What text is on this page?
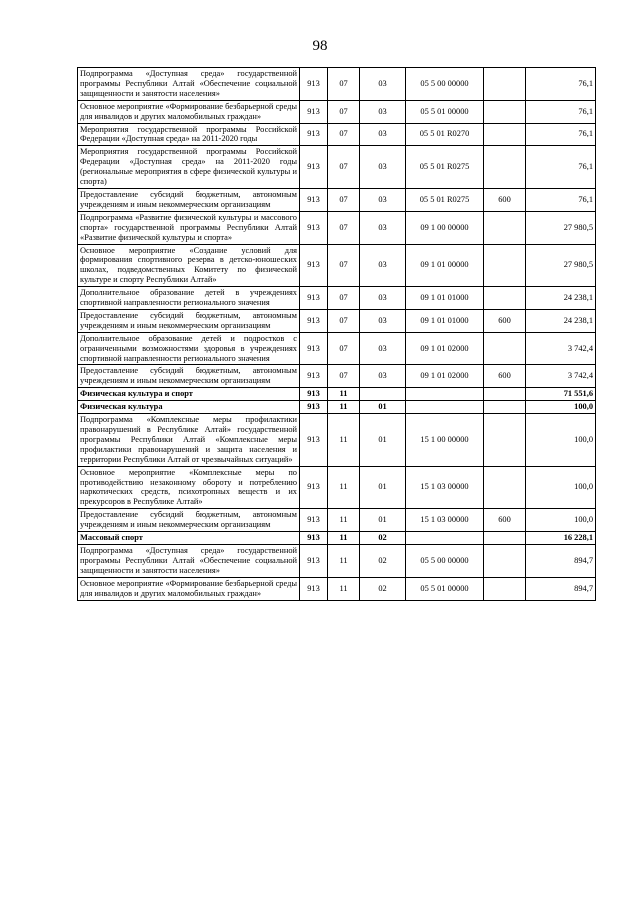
98
Подпрограмма «Доступная среда» государственной программы Республики Алтай «Обеспечение социальной защищенности и занятости населения»	913	07	03	05 5 00 00000		76,1
Основное мероприятие «Формирование безбарьерной среды для инвалидов и других маломобильных граждан»	913	07	03	05 5 01 00000		76,1
Мероприятия государственной программы Российской Федерации «Доступная среда» на 2011-2020 годы	913	07	03	05 5 01 R0270		76,1
Мероприятия государственной программы Российской Федерации «Доступная среда» на 2011-2020 годы (региональные мероприятия в сфере физической культуры и спорта)	913	07	03	05 5 01 R0275		76,1
Предоставление субсидий бюджетным, автономным учреждениям и иным некоммерческим организациям	913	07	03	05 5 01 R0275	600	76,1
Подпрограмма «Развитие физической культуры и массового спорта» государственной программы Республики Алтай «Развитие физической культуры и спорта»	913	07	03	09 1 00 00000		27 980,5
Основное мероприятие «Создание условий для формирования спортивного резерва в детско-юношеских школах, подведомственных Комитету по физической культуре и спорту Республики Алтай»	913	07	03	09 1 01 00000		27 980,5
Дополнительное образование детей в учреждениях спортивной направленности регионального значения	913	07	03	09 1 01 01000		24 238,1
Предоставление субсидий бюджетным, автономным учреждениям и иным некоммерческим организациям	913	07	03	09 1 01 01000	600	24 238,1
Дополнительное образование детей и подростков с ограниченными возможностями здоровья в учреждениях спортивной направленности регионального значения	913	07	03	09 1 01 02000		3 742,4
Предоставление субсидий бюджетным, автономным учреждениям и иным некоммерческим организациям	913	07	03	09 1 01 02000	600	3 742,4
Физическая культура и спорт	913	11				71 551,6
Физическая культура	913	11	01			100,0
Подпрограмма «Комплексные меры профилактики правонарушений в Республике Алтай» государственной программы Республики Алтай «Комплексные меры профилактики правонарушений и защита населения и территории Республики Алтай от чрезвычайных ситуаций»	913	11	01	15 1 00 00000		100,0
Основное мероприятие «Комплексные меры по противодействию незаконному обороту и потреблению наркотических средств, психотропных веществ и их прекурсоров в Республике Алтай»	913	11	01	15 1 03 00000		100,0
Предоставление субсидий бюджетным, автономным учреждениям и иным некоммерческим организациям	913	11	01	15 1 03 00000	600	100,0
Массовый спорт	913	11	02			16 228,1
Подпрограмма «Доступная среда» государственной программы Республики Алтай «Обеспечение социальной защищенности и занятости населения»	913	11	02	05 5 00 00000		894,7
Основное мероприятие «Формирование безбарьерной среды для инвалидов и других маломобильных граждан»	913	11	02	05 5 01 00000		894,7
